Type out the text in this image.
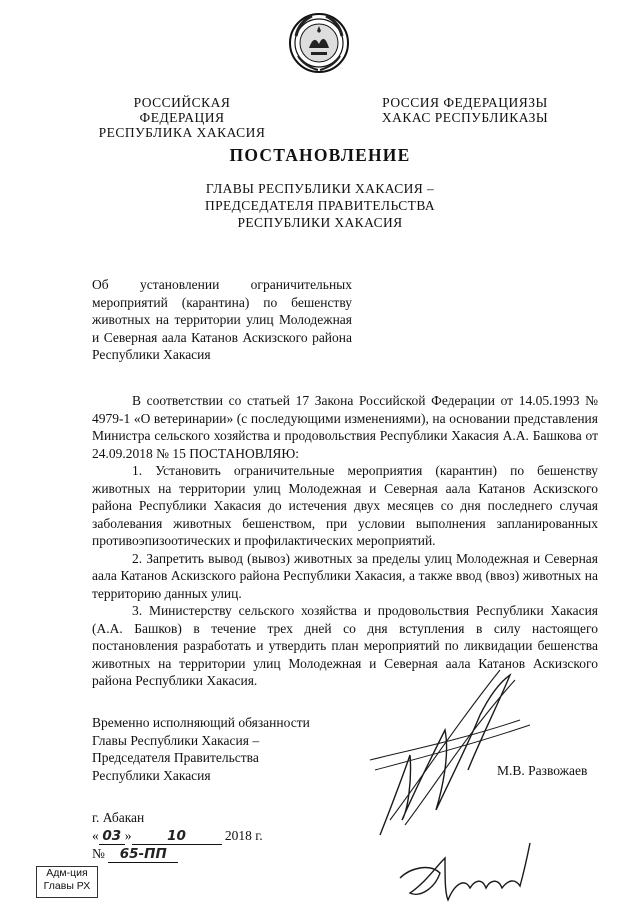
РОССИЙСКАЯ ФЕДЕРАЦИЯ
РЕСПУБЛИКА ХАКАСИЯ
РОССИЯ ФЕДЕРАЦИЯЗЫ
ХАКАС РЕСПУБЛИКАЗЫ
ПОСТАНОВЛЕНИЕ
ГЛАВЫ РЕСПУБЛИКИ ХАКАСИЯ –
ПРЕДСЕДАТЕЛЯ ПРАВИТЕЛЬСТВА
РЕСПУБЛИКИ ХАКАСИЯ
Об установлении ограничительных мероприятий (карантина) по бешенству животных на территории улиц Молодежная и Северная аала Катанов Аскизского района Республики Хакасия

В соответствии со статьей 17 Закона Российской Федерации от 14.05.1993 № 4979-1 «О ветеринарии» (с последующими изменениями), на основании представления Министра сельского хозяйства и продовольствия Республики Хакасия А.А. Башкова от 24.09.2018 № 15 ПОСТАНОВЛЯЮ:

1. Установить ограничительные мероприятия (карантин) по бешенству животных на территории улиц Молодежная и Северная аала Катанов Аскизского района Республики Хакасия до истечения двух месяцев со дня последнего случая заболевания животных бешенством, при условии выполнения запланированных противоэпизоотических и профилактических мероприятий.

2. Запретить вывод (вывоз) животных за пределы улиц Молодежная и Северная аала Катанов Аскизского района Республики Хакасия, а также ввод (ввоз) животных на территорию данных улиц.

3. Министерству сельского хозяйства и продовольствия Республики Хакасия (А.А. Башков) в течение трех дней со дня вступления в силу настоящего постановления разработать и утвердить план мероприятий по ликвидации бешенства животных на территории улиц Молодежная и Северная аала Катанов Аскизского района Республики Хакасия.

Временно исполняющий обязанности
Главы Республики Хакасия –
Председателя Правительства
Республики Хакасия	М.В. Развожаев
г. Абакан
« 03 »	10	2018 г.
№ 65-ПП
Адм-ция
Главы РХ
